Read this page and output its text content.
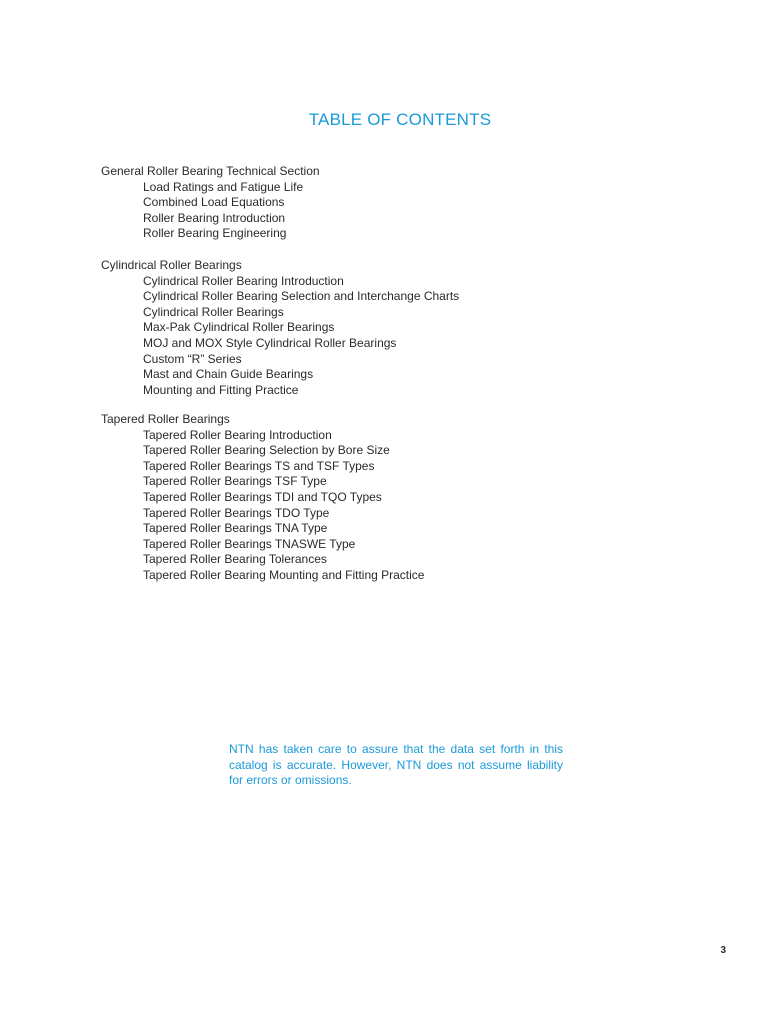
TABLE OF CONTENTS
General Roller Bearing Technical Section
Load Ratings and Fatigue Life
Combined Load Equations
Roller Bearing Introduction
Roller Bearing Engineering
Cylindrical Roller Bearings
Cylindrical Roller Bearing Introduction
Cylindrical Roller Bearing Selection and Interchange Charts
Cylindrical Roller Bearings
Max-Pak Cylindrical Roller Bearings
MOJ and MOX Style Cylindrical Roller Bearings
Custom “R” Series
Mast and Chain Guide Bearings
Mounting and Fitting Practice
Tapered Roller Bearings
Tapered Roller Bearing Introduction
Tapered Roller Bearing Selection by Bore Size
Tapered Roller Bearings TS and TSF Types
Tapered Roller Bearings TSF Type
Tapered Roller Bearings TDI and TQO Types
Tapered Roller Bearings TDO Type
Tapered Roller Bearings TNA Type
Tapered Roller Bearings TNASWE Type
Tapered Roller Bearing Tolerances
Tapered Roller Bearing Mounting and Fitting Practice

NTN has taken care to assure that the data set forth in this catalog is accurate. However, NTN does not assume liability for errors or omissions.

3
